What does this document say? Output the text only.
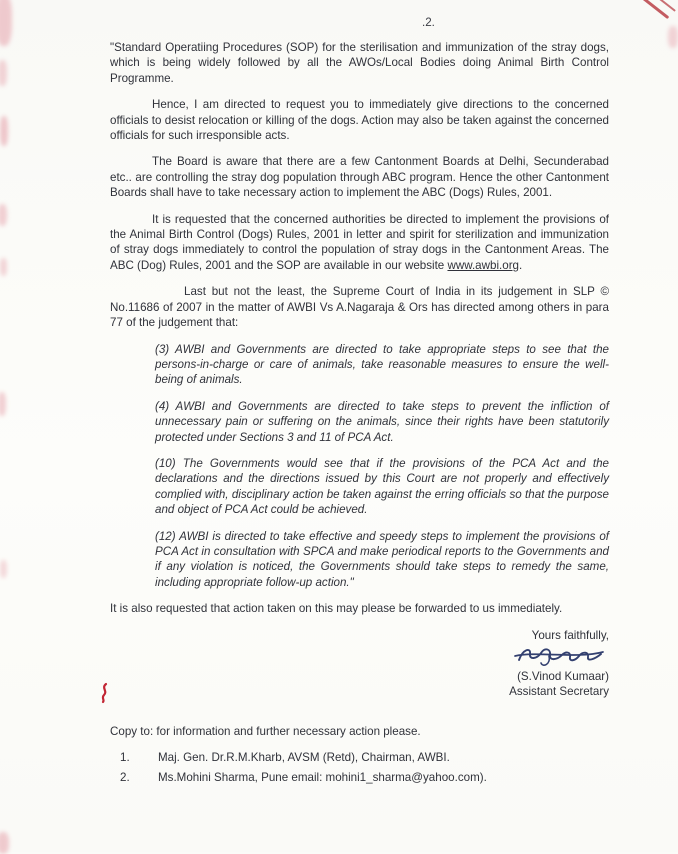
.2.

"Standard Operatiing Procedures (SOP) for the sterilisation and immunization of the stray dogs, which is being widely followed by all the AWOs/Local Bodies doing Animal Birth Control Programme.

Hence, I am directed to request you to immediately give directions to the concerned officials to desist relocation or killing of the dogs. Action may also be taken against the concerned officials for such irresponsible acts.

The Board is aware that there are a few Cantonment Boards at Delhi, Secunderabad etc.. are controlling the stray dog population through ABC program. Hence the other Cantonment Boards shall have to take necessary action to implement the ABC (Dogs) Rules, 2001.

It is requested that the concerned authorities be directed to implement the provisions of the Animal Birth Control (Dogs) Rules, 2001 in letter and spirit for sterilization and immunization of stray dogs immediately to control the population of stray dogs in the Cantonment Areas. The ABC (Dog) Rules, 2001 and the SOP are available in our website www.awbi.org.

Last but not the least, the Supreme Court of India in its judgement in SLP © No.11686 of 2007 in the matter of AWBI Vs A.Nagaraja & Ors has directed among others in para 77 of the judgement that:

(3) AWBI and Governments are directed to take appropriate steps to see that the persons-in-charge or care of animals, take reasonable measures to ensure the well-being of animals.

(4) AWBI and Governments are directed to take steps to prevent the infliction of unnecessary pain or suffering on the animals, since their rights have been statutorily protected under Sections 3 and 11 of PCA Act.

(10) The Governments would see that if the provisions of the PCA Act and the declarations and the directions issued by this Court are not properly and effectively complied with, disciplinary action be taken against the erring officials so that the purpose and object of PCA Act could be achieved.

(12) AWBI is directed to take effective and speedy steps to implement the provisions of PCA Act in consultation with SPCA and make periodical reports to the Governments and if any violation is noticed, the Governments should take steps to remedy the same, including appropriate follow-up action."

It is also requested that action taken on this may please be forwarded to us immediately.

Yours faithfully,
(S.Vinod Kumaar)
Assistant Secretary

Copy to: for information and further necessary action please.

1.	Maj. Gen. Dr.R.M.Kharb, AVSM (Retd), Chairman, AWBI.
2.	Ms.Mohini Sharma, Pune email: mohini1_sharma@yahoo.com).
